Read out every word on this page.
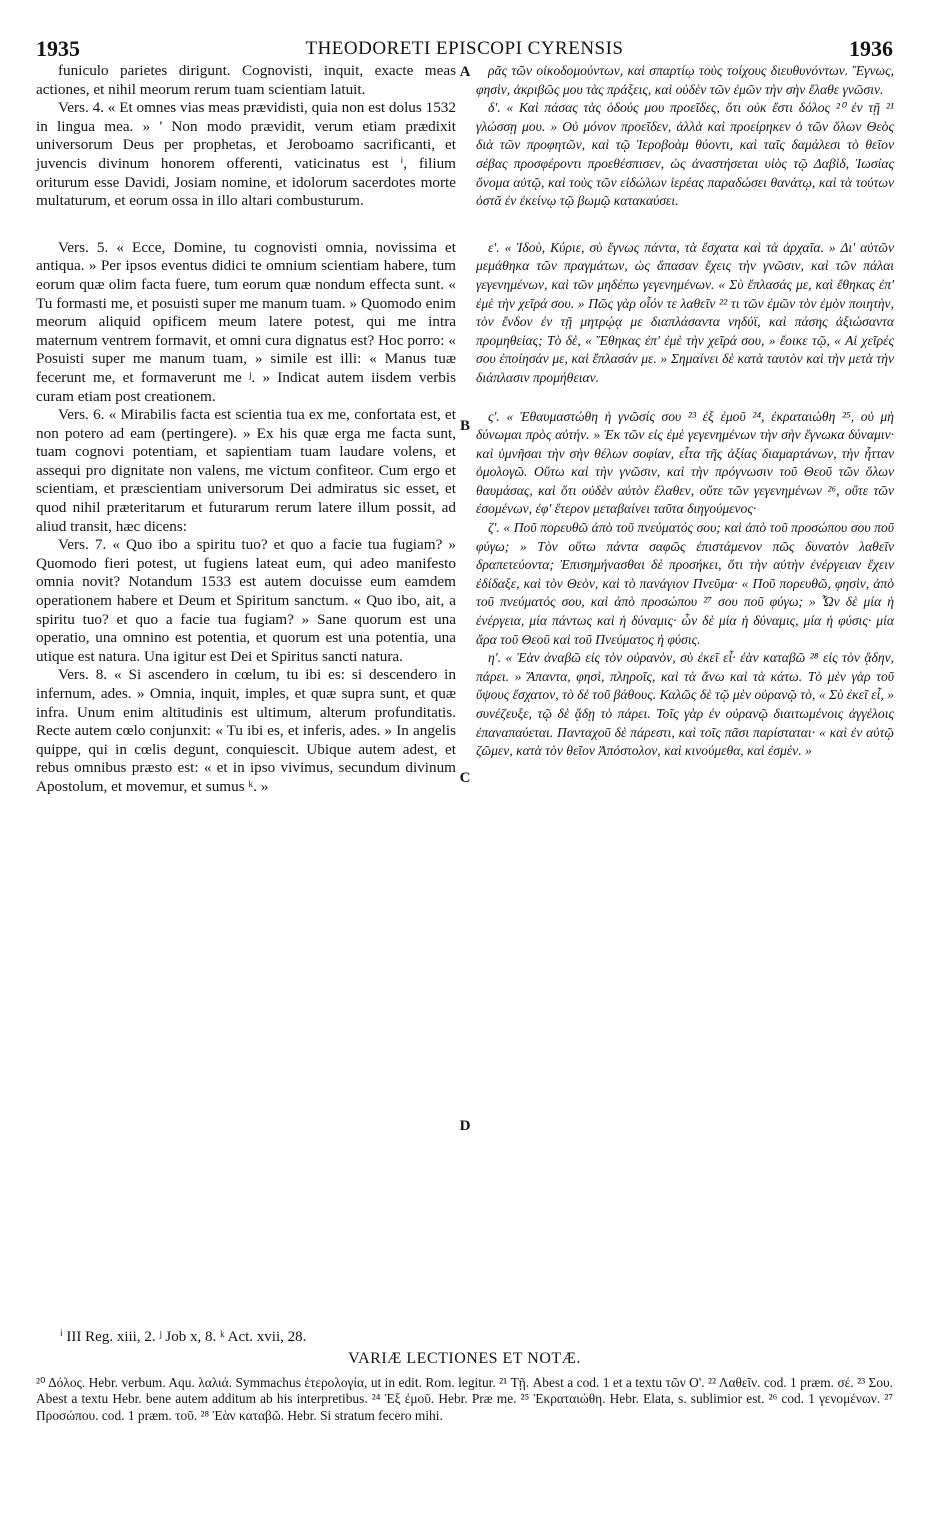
1935	THEODORETI EPISCOPI CYRENSIS	1936

funiculo parietes dirigunt. Cognovisti, inquit, exacte meas actiones, et nihil meorum rerum tuam scientiam latuit.

Vers. 4. « Et omnes vias meas prævidisti, quia non est dolus 1532 in lingua mea. » ' Non modo prævidit, verum etiam prædixit universorum Deus per prophetas, et Jeroboamo sacrificanti, et juvencis divinum honorem offerenti, vaticinatus est ⁱ, filium oriturum esse Davidi, Josiam nomine, et idolorum sacerdotes morte multaturum, et eorum ossa in illo altari combusturum.

Vers. 5. « Ecce, Domine, tu cognovisti omnia, novissima et antiqua. » Per ipsos eventus didici te omnium scientiam habere, tum eorum quæ olim facta fuere, tum eorum quæ nondum effecta sunt. « Tu formasti me, et posuisti super me manum tuam. » Quomodo enim meorum aliquid opificem meum latere potest, qui me intra maternum ventrem formavit, et omni cura dignatus est? Hoc porro: « Posuisti super me manum tuam, » simile est illi: « Manus tuæ fecerunt me, et formaverunt me ʲ. » Indicat autem iisdem verbis curam etiam post creationem.

Vers. 6. « Mirabilis facta est scientia tua ex me, confortata est, et non potero ad eam (pertingere). » Ex his quæ erga me facta sunt, tuam cognovi potentiam, et sapientiam tuam laudare volens, et assequi pro dignitate non valens, me victum confiteor. Cum ergo et scientiam, et præscientiam universorum Dei admiratus sic esset, et quod nihil præteritarum et futurarum rerum latere illum possit, ad aliud transit, hæc dicens:

Vers. 7. « Quo ibo a spiritu tuo? et quo a facie tua fugiam? » Quomodo fieri potest, ut fugiens lateat eum, qui adeo manifesto omnia novit? Notandum 1533 est autem docuisse eum eamdem operationem habere et Deum et Spiritum sanctum. « Quo ibo, ait, a spiritu tuo? et quo a facie tua fugiam? » Sane quorum est una operatio, una omnino est potentia, et quorum est una potentia, una utique est natura. Una igitur est Dei et Spiritus sancti natura.

Vers. 8. « Si ascendero in cœlum, tu ibi es: si descendero in infernum, ades. » Omnia, inquit, imples, et quæ supra sunt, et quæ infra. Unum enim altitudinis est ultimum, alterum profunditatis. Recte autem cœlo conjunxit: « Tu ibi es, et inferis, ades. » In angelis quippe, qui in cœlis degunt, conquiescit. Ubique autem adest, et rebus omnibus præsto est: « et in ipso vivimus, secundum divinum Apostolum, et movemur, et sumus ᵏ. »

A
B
C
D

ρᾶς τῶν οἰκοδομούντων, καὶ σπαρτίῳ τοὺς τοίχους διευθυνόντων. Ἔγνως, φησὶν, ἀκριβῶς μου τὰς πράξεις, καὶ οὐδὲν τῶν ἐμῶν τὴν σὴν ἔλαθε γνῶσιν.

δ'. « Καὶ πάσας τὰς ὁδούς μου προεῖδες, ὅτι οὐκ ἔστι δόλος ²⁰ ἐν τῇ ²¹ γλώσσῃ μου. » Οὐ μόνον προεῖδεν, ἀλλὰ καὶ προείρηκεν ὁ τῶν ὅλων Θεὸς διὰ τῶν προφητῶν, καὶ τῷ Ἱεροβοὰμ θύοντι, καὶ ταῖς δαμάλεσι τὸ θεῖον σέβας προσφέροντι προεθέσπισεν, ὡς ἀναστήσεται υἱὸς τῷ Δαβὶδ, Ἰωσίας ὄνομα αὐτῷ, καὶ τοὺς τῶν εἰδώλων ἱερέας παραδώσει θανάτῳ, καὶ τὰ τούτων ὀστᾶ ἐν ἐκείνῳ τῷ βωμῷ κατακαύσει.

ε'. « Ἰδοὺ, Κύριε, σὺ ἔγνως πάντα, τὰ ἔσχατα καὶ τὰ ἀρχαῖα. » Δι' αὐτῶν μεμάθηκα τῶν πραγμάτων, ὡς ἅπασαν ἔχεις τὴν γνῶσιν, καὶ τῶν πάλαι γεγενημένων, καὶ τῶν μηδέπω γεγενημένων. « Σὺ ἔπλασάς με, καὶ ἔθηκας ἐπ' ἐμὲ τὴν χεῖρά σου. » Πῶς γὰρ οἷόν τε λαθεῖν ²² τι τῶν ἐμῶν τὸν ἐμὸν ποιητὴν, τὸν ἔνδον ἐν τῇ μητρῴᾳ με διαπλάσαντα νηδύϊ, καὶ πάσης ἀξιώσαντα προμηθείας; Τὸ δὲ, « Ἔθηκας ἐπ' ἐμὲ τὴν χεῖρά σου, » ἔοικε τῷ, « Αἱ χεῖρές σου ἐποίησάν με, καὶ ἔπλασάν με. » Σημαίνει δὲ κατὰ ταυτὸν καὶ τὴν μετὰ τὴν διάπλασιν προμήθειαν.

ς'. « Ἐθαυμαστώθη ἡ γνῶσίς σου ²³ ἐξ ἐμοῦ ²⁴, ἐκραταιώθη ²⁵, οὐ μὴ δύνωμαι πρὸς αὐτήν. » Ἐκ τῶν εἰς ἐμὲ γεγενημένων τὴν σὴν ἔγνωκα δύναμιν· καὶ ὑμνῆσαι τὴν σὴν θέλων σοφίαν, εἶτα τῆς ἀξίας διαμαρτάνων, τὴν ἧτταν ὁμολογῶ. Οὕτω καὶ τὴν γνῶσιν, καὶ τὴν πρόγνωσιν τοῦ Θεοῦ τῶν ὅλων θαυμάσας, καὶ ὅτι οὐδὲν αὐτὸν ἔλαθεν, οὔτε τῶν γεγενημένων ²⁶, οὔτε τῶν ἐσομένων, ἐφ' ἕτερον μεταβαίνει ταῦτα διηγούμενος·

ζ'. « Ποῦ πορευθῶ ἀπὸ τοῦ πνεύματός σου; καὶ ἀπὸ τοῦ προσώπου σου ποῦ φύγω; » Τὸν οὕτω πάντα σαφῶς ἐπιστάμενον πῶς δυνατὸν λαθεῖν δραπετεύοντα; Ἐπισημήνασθαι δὲ προσήκει, ὅτι τὴν αὐτὴν ἐνέργειαν ἔχειν ἐδίδαξε, καὶ τὸν Θεὸν, καὶ τὸ πανάγιον Πνεῦμα· « Ποῦ πορευθῶ, φησὶν, ἀπὸ τοῦ πνεύματός σου, καὶ ἀπὸ προσώπου ²⁷ σου ποῦ φύγω; » Ὧν δὲ μία ἡ ἐνέργεια, μία πάντως καὶ ἡ δύναμις· ὧν δὲ μία ἡ δύναμις, μία ἡ φύσις· μία ἄρα τοῦ Θεοῦ καὶ τοῦ Πνεύματος ἡ φύσις.

η'. « Ἐὰν ἀναβῶ εἰς τὸν οὐρανὸν, σὺ ἐκεῖ εἶ· ἐὰν καταβῶ ²⁸ εἰς τὸν ᾅδην, πάρει. » Ἅπαντα, φησὶ, πληροῖς, καὶ τὰ ἄνω καὶ τὰ κάτω. Τὸ μὲν γὰρ τοῦ ὕψους ἔσχατον, τὸ δὲ τοῦ βάθους. Καλῶς δὲ τῷ μὲν οὐρανῷ τὸ, « Σὺ ἐκεῖ εἶ, » συνέζευξε, τῷ δὲ ᾅδῃ τὸ πάρει. Τοῖς γὰρ ἐν οὐρανῷ διαιτωμένοις ἀγγέλοις ἐπαναπαύεται. Πανταχοῦ δὲ πάρεστι, καὶ τοῖς πᾶσι παρίσταται· « καὶ ἐν αὐτῷ ζῶμεν, κατὰ τὸν θεῖον Ἀπόστολον, καὶ κινούμεθα, καὶ ἐσμέν. »

ⁱ III Reg. xiii, 2. ʲ Job x, 8. ᵏ Act. xvii, 28.
VARIÆ LECTIONES ET NOTÆ.
²⁰ Δόλος. Hebr. verbum. Aqu. λαλιά. Symmachus ἑτερολογία, ut in edit. Rom. legitur. ²¹ Τῇ. Abest a cod. 1 et a textu τῶν Ο'. ²² Λαθεῖν. cod. 1 præm. σέ. ²³ Σου. Abest a textu Hebr. bene autem additum ab his interpretibus. ²⁴ Ἐξ ἐμοῦ. Hebr. Præ me. ²⁵ Ἐκραταιώθη. Hebr. Elata, s. sublimior est. ²⁶ cod. 1 γενομένων. ²⁷ Προσώπου. cod. 1 præm. τοῦ. ²⁸ Ἐὰν καταβῶ. Hebr. Si stratum fecero mihi.
